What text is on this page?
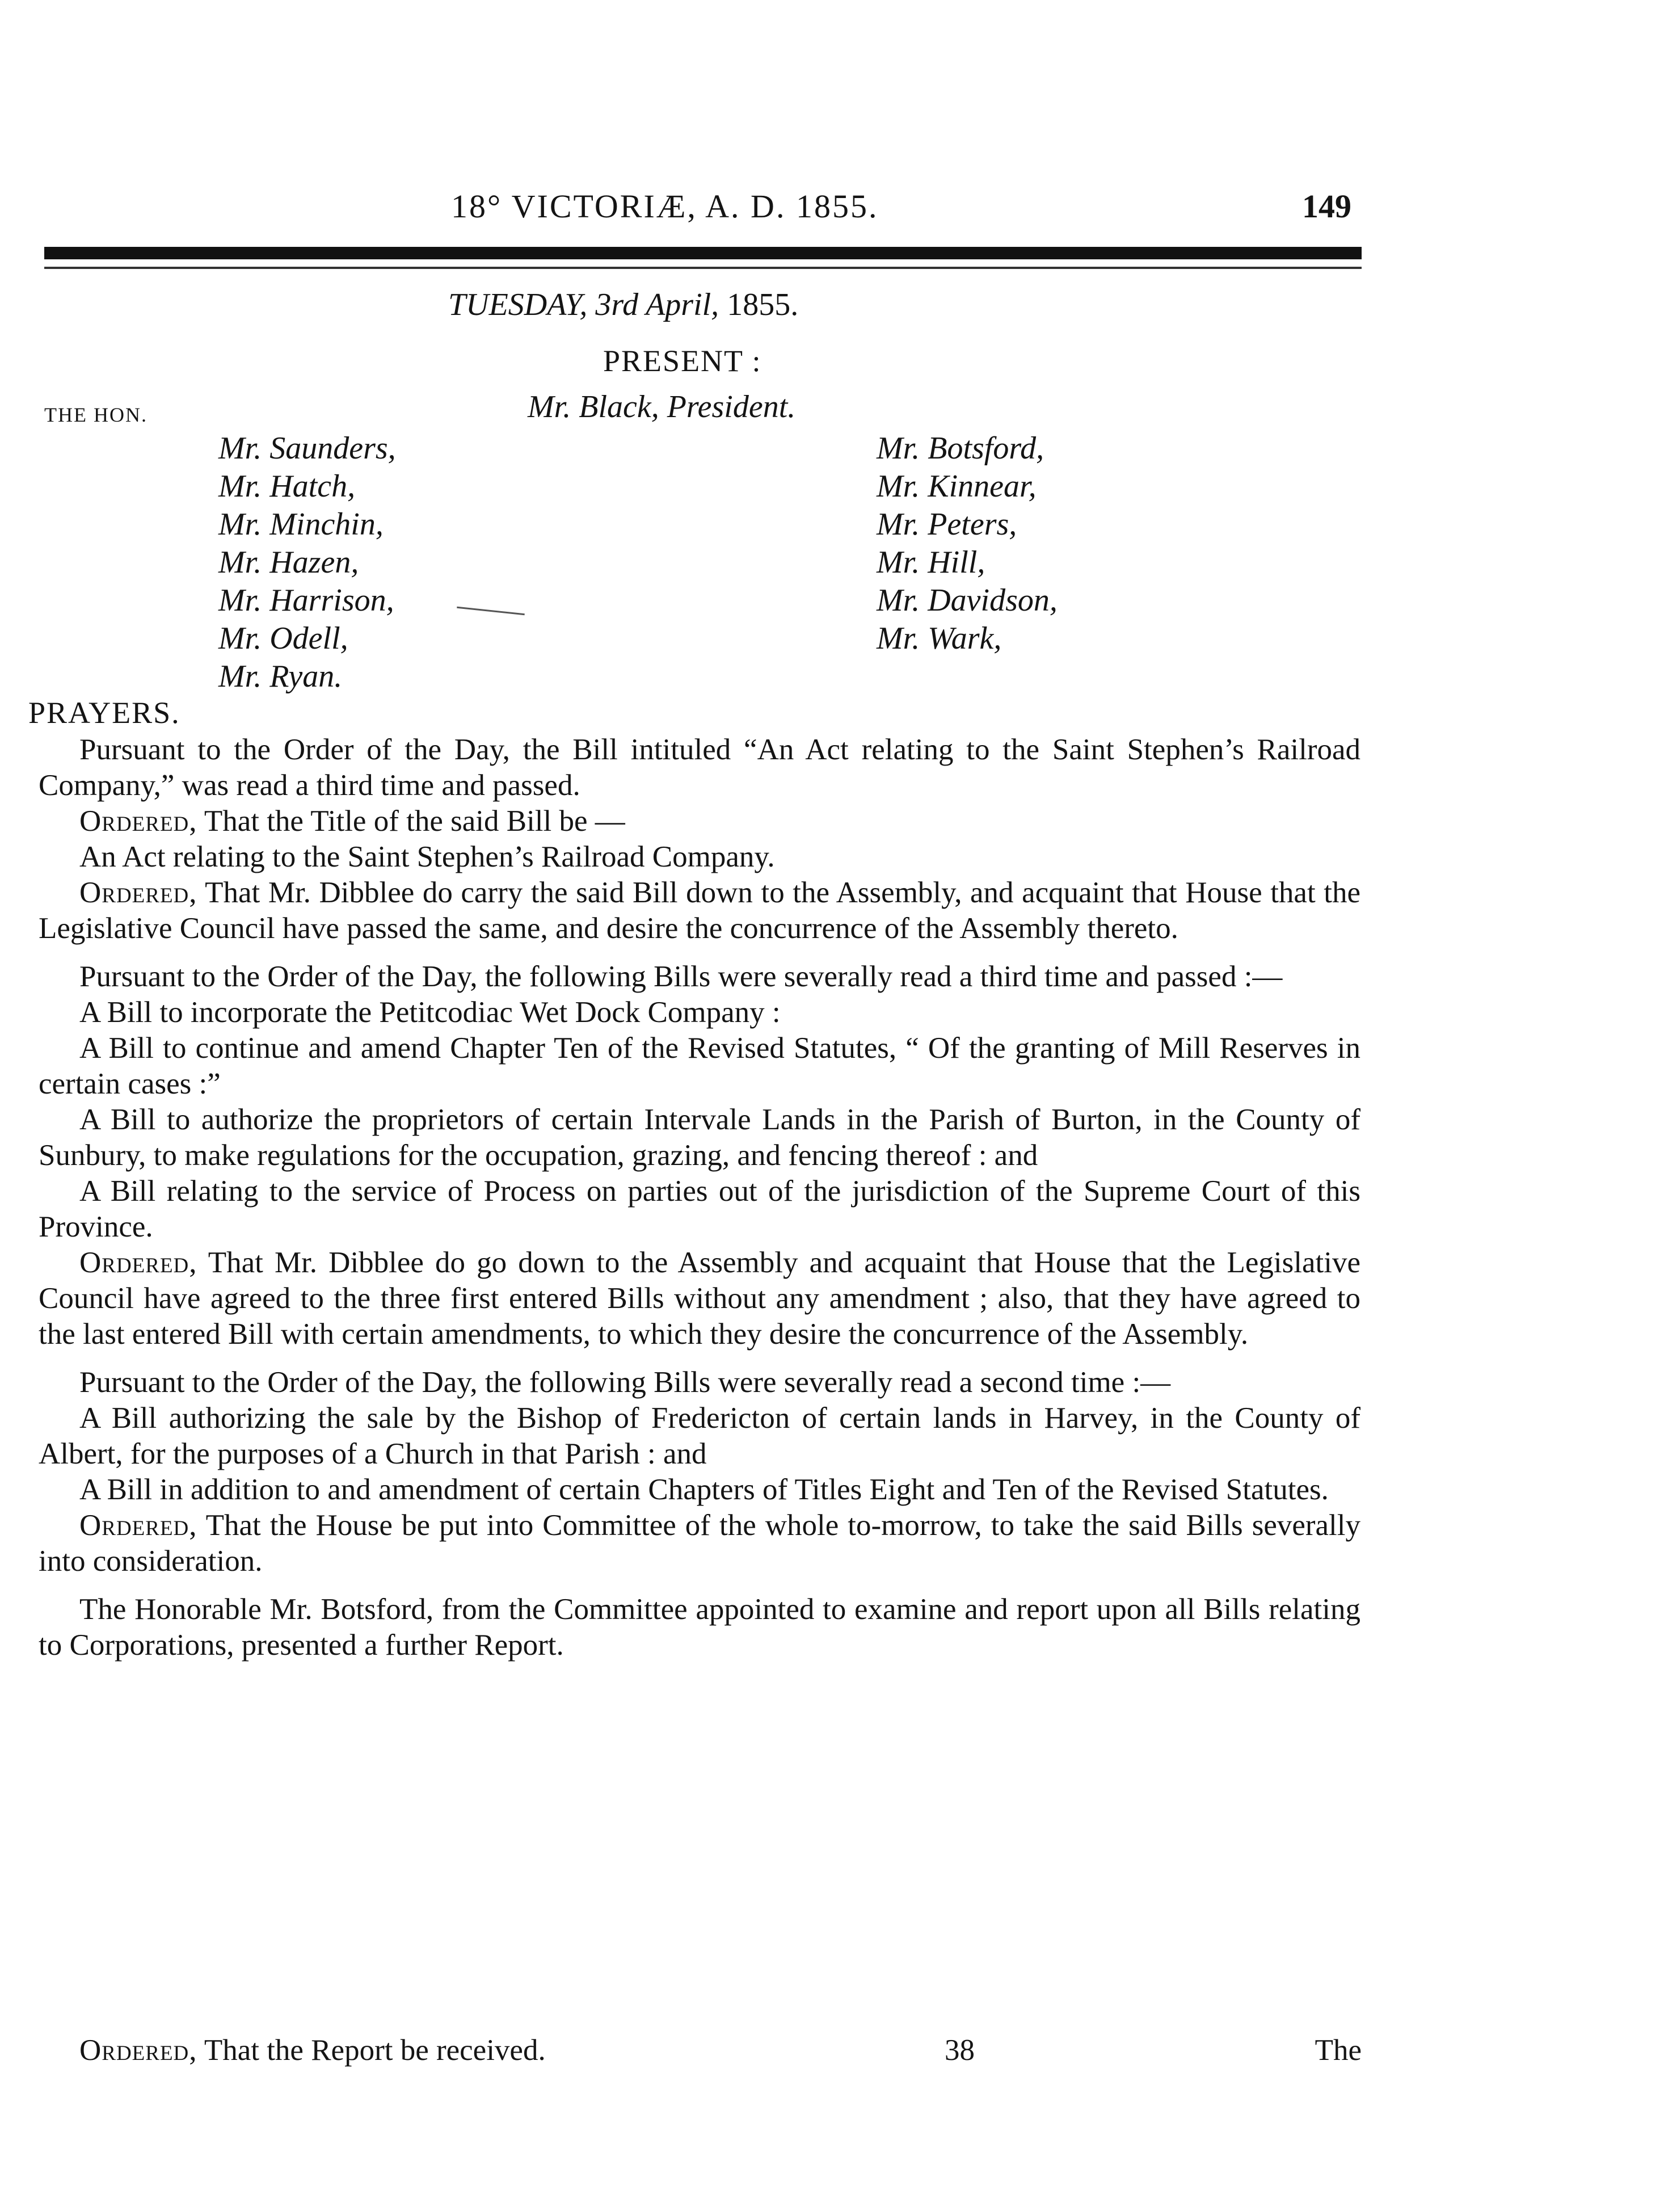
18° VICTORIÆ, A. D. 1855.	149
TUESDAY, 3rd April, 1855.
PRESENT :
THE HON.	Mr. Black, President.
Mr. Saunders,
Mr. Hatch,
Mr. Minchin,
Mr. Hazen,
Mr. Harrison,
Mr. Odell,
Mr. Ryan.
Mr. Botsford,
Mr. Kinnear,
Mr. Peters,
Mr. Hill,
Mr. Davidson,
Mr. Wark,
PRAYERS.

Pursuant to the Order of the Day, the Bill intituled “An Act relating to the Saint Stephen’s Railroad Company,” was read a third time and passed.

Ordered, That the Title of the said Bill be —

An Act relating to the Saint Stephen’s Railroad Company.

Ordered, That Mr. Dibblee do carry the said Bill down to the Assembly, and acquaint that House that the Legislative Council have passed the same, and desire the concurrence of the Assembly thereto.

Pursuant to the Order of the Day, the following Bills were severally read a third time and passed :—

A Bill to incorporate the Petitcodiac Wet Dock Company :

A Bill to continue and amend Chapter Ten of the Revised Statutes, “ Of the granting of Mill Reserves in certain cases :”

A Bill to authorize the proprietors of certain Intervale Lands in the Parish of Burton, in the County of Sunbury, to make regulations for the occupation, grazing, and fencing thereof : and

A Bill relating to the service of Process on parties out of the jurisdiction of the Supreme Court of this Province.

Ordered, That Mr. Dibblee do go down to the Assembly and acquaint that House that the Legislative Council have agreed to the three first entered Bills without any amendment ; also, that they have agreed to the last entered Bill with certain amendments, to which they desire the concurrence of the Assembly.

Pursuant to the Order of the Day, the following Bills were severally read a second time :—

A Bill authorizing the sale by the Bishop of Fredericton of certain lands in Harvey, in the County of Albert, for the purposes of a Church in that Parish : and

A Bill in addition to and amendment of certain Chapters of Titles Eight and Ten of the Revised Statutes.

Ordered, That the House be put into Committee of the whole to-morrow, to take the said Bills severally into consideration.

The Honorable Mr. Botsford, from the Committee appointed to examine and report upon all Bills relating to Corporations, presented a further Report.

Ordered, That the Report be received.	38	The
